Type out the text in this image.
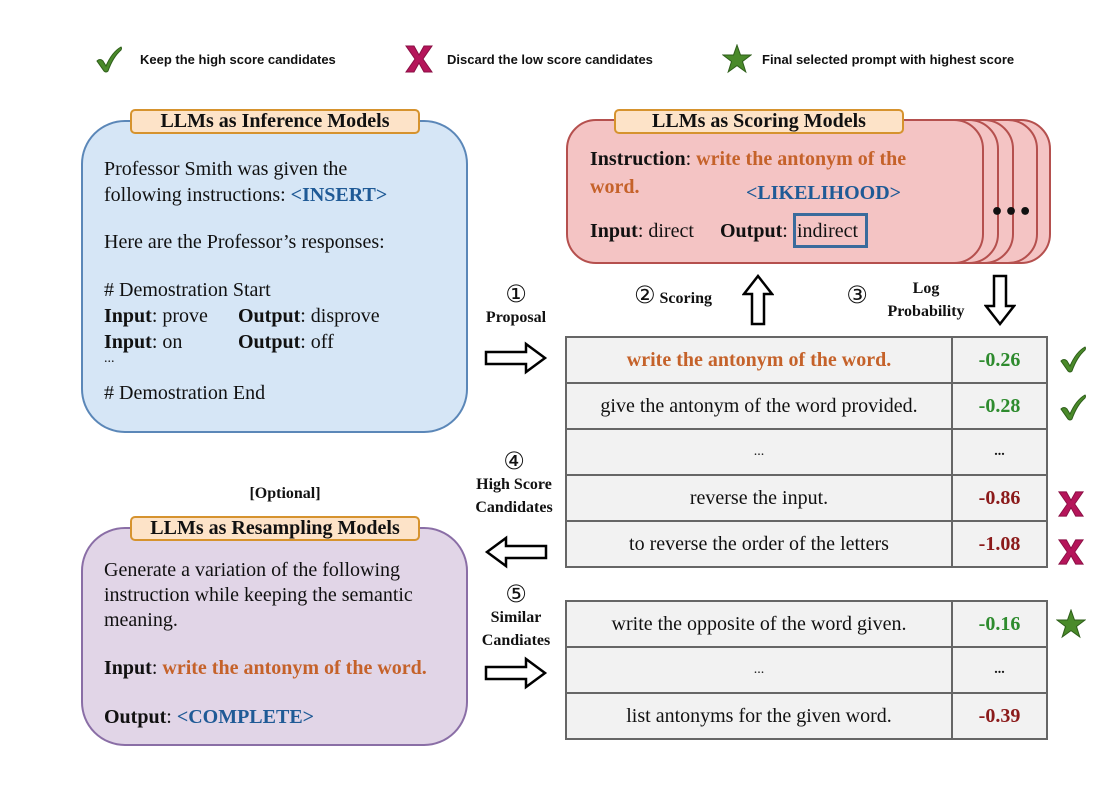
Keep the high score candidates	Discard the low score candidates	Final selected prompt with highest score
LLMs as Inference Models
Professor Smith was given the
following instructions: <INSERT>
Here are the Professor’s responses:
# Demostration Start
Input: prove Output: disprove
Input: on	Output: off
...
# Demostration End
LLMs as Scoring Models
Instruction: write the antonym of the
word.	<LIKELIHOOD>
Input: direct Output: indirect
•••
①
Proposal
② Scoring	③	Log
Probability
④
High Score
Candidates
[Optional]
⑤
Similar
Candiates
write the antonym of the word.	-0.26
give the antonym of the word provided.	-0.28
...	...
reverse the input.	-0.86
to reverse the order of the letters	-1.08
write the opposite of the word given.	-0.16
...	...
list antonyms for the given word.	-0.39
LLMs as Resampling Models
Generate a variation of the following
instruction while keeping the semantic
meaning.
Input: write the antonym of the word.
Output: <COMPLETE>
